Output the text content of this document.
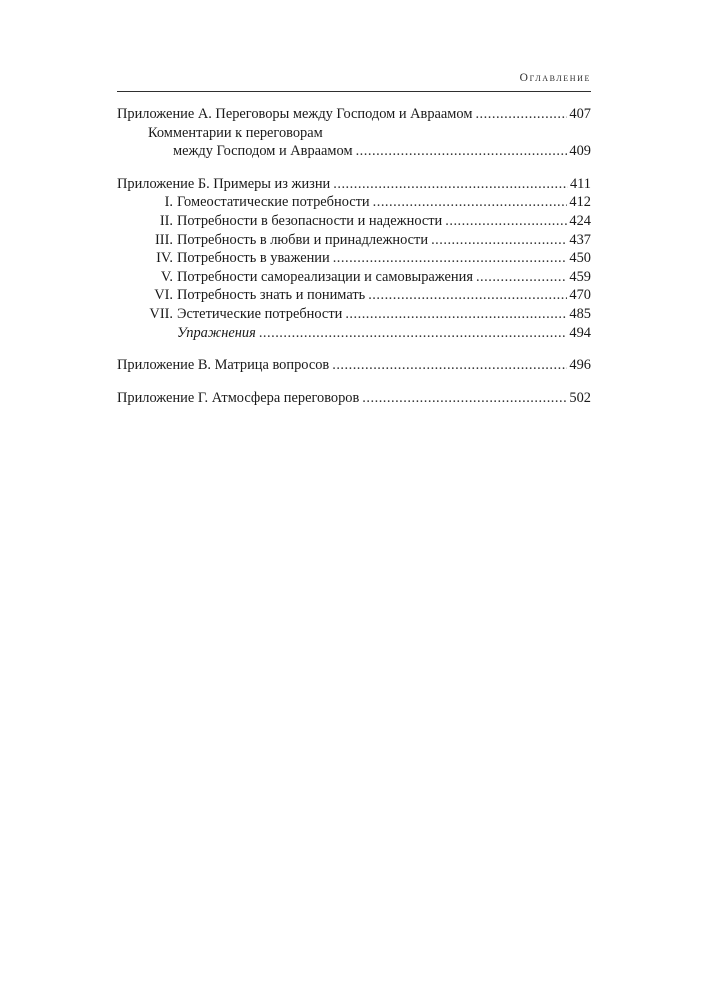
Оглавление
Приложение А. Переговоры между Господом и Авраамом .....	407
Комментарии к переговорам
между Господом и Авраамом .....	409
Приложение Б. Примеры из жизни .....	411
I. Гомеостатические потребности .....	412
II. Потребности в безопасности и надежности .....	424
III. Потребность в любви и принадлежности .....	437
IV. Потребность в уважении .....	450
V. Потребности самореализации и самовыражения .....	459
VI. Потребность знать и понимать .....	470
VII. Эстетические потребности .....	485
Упражнения .....	494
Приложение В. Матрица вопросов .....	496
Приложение Г. Атмосфера переговоров .....	502
